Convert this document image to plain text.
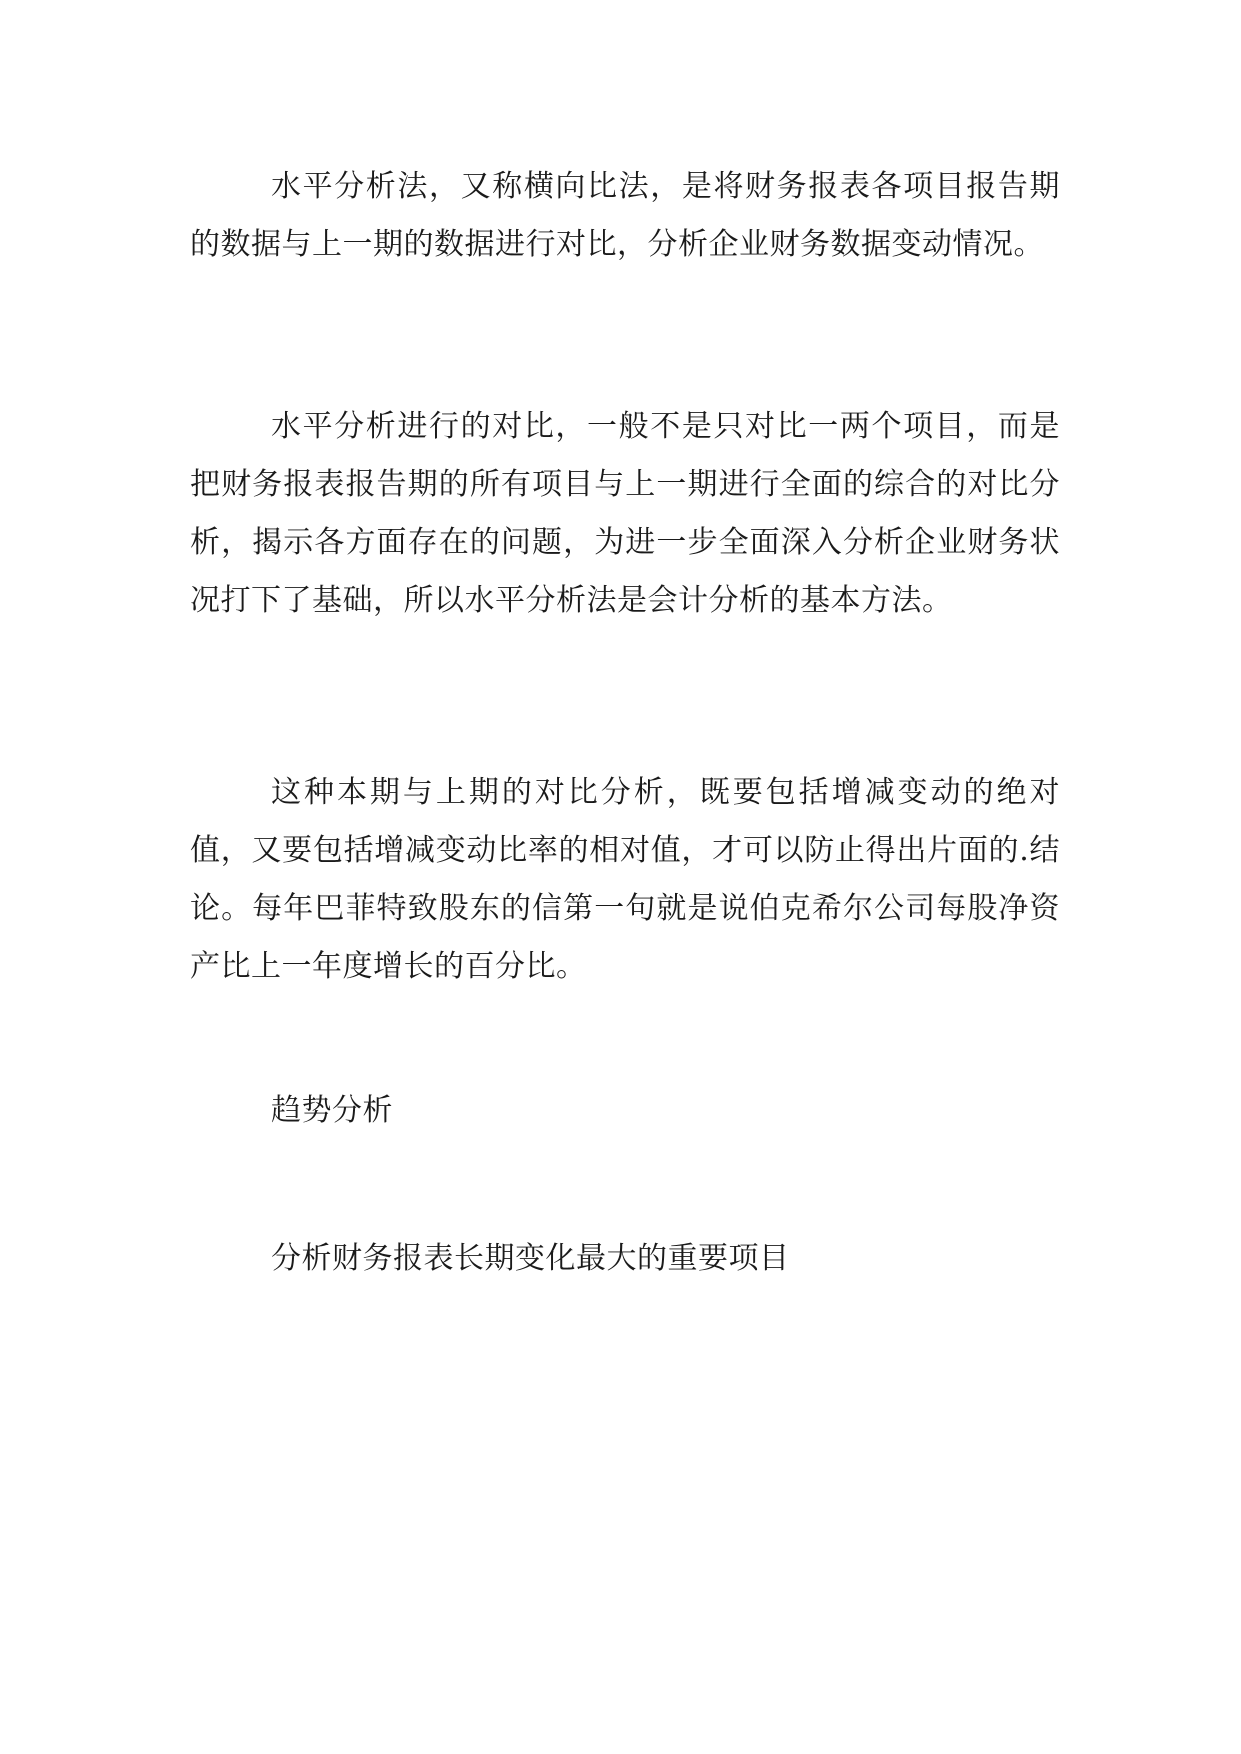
水平分析法，又称横向比法，是将财务报表各项目报告期的数据与上一期的数据进行对比，分析企业财务数据变动情况。

水平分析进行的对比，一般不是只对比一两个项目，而是把财务报表报告期的所有项目与上一期进行全面的综合的对比分析，揭示各方面存在的问题，为进一步全面深入分析企业财务状况打下了基础，所以水平分析法是会计分析的基本方法。

这种本期与上期的对比分析，既要包括增减变动的绝对值，又要包括增减变动比率的相对值，才可以防止得出片面的.结论。每年巴菲特致股东的信第一句就是说伯克希尔公司每股净资产比上一年度增长的百分比。

趋势分析

分析财务报表长期变化最大的重要项目
